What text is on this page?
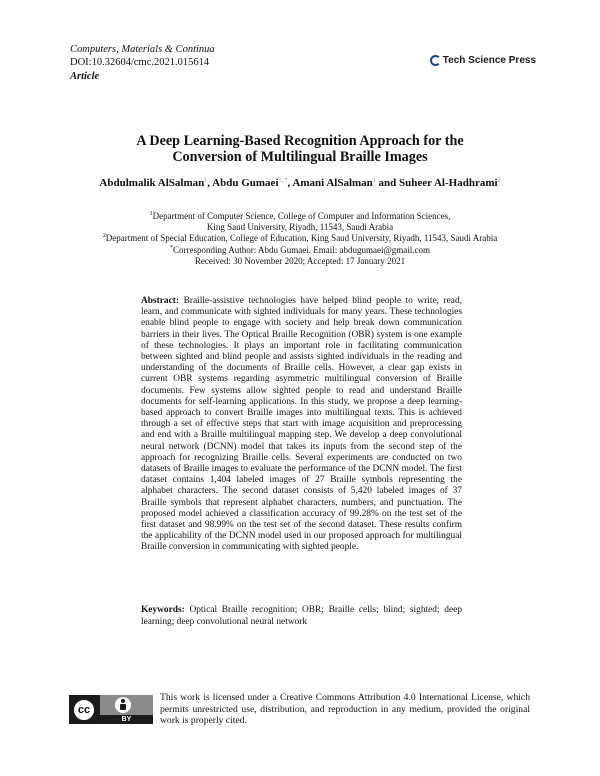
Computers, Materials & Continua
DOI:10.32604/cmc.2021.015614
Article
Tech Science Press
A Deep Learning-Based Recognition Approach for the
Conversion of Multilingual Braille Images
Abdulmalik AlSalman$^1$, Abdu Gumaei$^{1, *}$, Amani AlSalman$^1$ and Suheer Al-Hadhrami$^2$
$^1$Department of Computer Science, College of Computer and Information Sciences,
King Saud University, Riyadh, 11543, Saudi Arabia
$^2$Department of Special Education, College of Education, King Saud University, Riyadh, 11543, Saudi Arabia
*Corresponding Author: Abdu Gumaei. Email: abdugumaei@gmail.com
Received: 30 November 2020; Accepted: 17 January 2021
Abstract: Braille-assistive technologies have helped blind people to write, read, learn, and communicate with sighted individuals for many years. These technologies enable blind people to engage with society and help break down communication barriers in their lives. The Optical Braille Recognition (OBR) system is one example of these technologies. It plays an important role in facilitating communication between sighted and blind people and assists sighted individuals in the reading and understanding of the documents of Braille cells. However, a clear gap exists in current OBR systems regarding asymmetric multilingual conversion of Braille documents. Few systems allow sighted people to read and understand Braille documents for self-learning applications. In this study, we propose a deep learning-based approach to convert Braille images into multilingual texts. This is achieved through a set of effective steps that start with image acquisition and preprocessing and end with a Braille multilingual mapping step. We develop a deep convolutional neural network (DCNN) model that takes its inputs from the second step of the approach for recognizing Braille cells. Several experiments are conducted on two datasets of Braille images to evaluate the performance of the DCNN model. The first dataset contains 1,404 labeled images of 27 Braille symbols representing the alphabet characters. The second dataset consists of 5,420 labeled images of 37 Braille symbols that represent alphabet characters, numbers, and punctuation. The proposed model achieved a classification accuracy of 99.28% on the test set of the first dataset and 98.99% on the test set of the second dataset. These results confirm the applicability of the DCNN model used in our proposed approach for multilingual Braille conversion in communicating with sighted people.
Keywords: Optical Braille recognition; OBR; Braille cells; blind; sighted; deep learning; deep convolutional neural network
cc
BY
This work is licensed under a Creative Commons Attribution 4.0 International License, which permits unrestricted use, distribution, and reproduction in any medium, provided the original work is properly cited.
